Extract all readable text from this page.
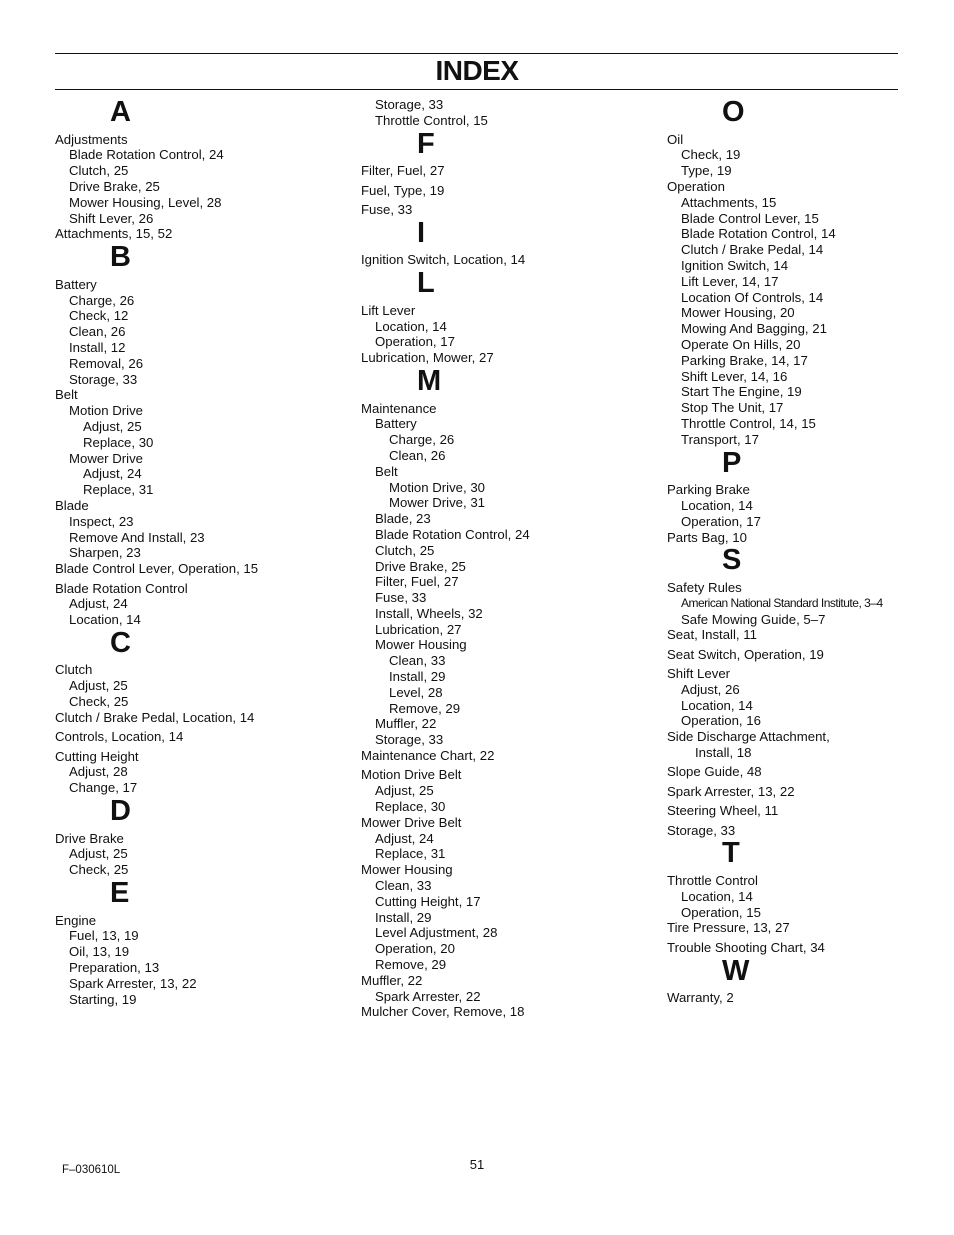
INDEX
A
Adjustments
Blade Rotation Control, 24
Clutch, 25
Drive Brake, 25
Mower Housing, Level, 28
Shift Lever, 26
Attachments, 15, 52
B
Battery
Charge, 26
Check, 12
Clean, 26
Install, 12
Removal, 26
Storage, 33
Belt
Motion Drive
Adjust, 25
Replace, 30
Mower Drive
Adjust, 24
Replace, 31
Blade
Inspect, 23
Remove And Install, 23
Sharpen, 23
Blade Control Lever, Operation, 15
Blade Rotation Control
Adjust, 24
Location, 14
C
Clutch
Adjust, 25
Check, 25
Clutch / Brake Pedal, Location, 14
Controls, Location, 14
Cutting Height
Adjust, 28
Change, 17
D
Drive Brake
Adjust, 25
Check, 25
E
Engine
Fuel, 13, 19
Oil, 13, 19
Preparation, 13
Spark Arrester, 13, 22
Starting, 19
Storage, 33
Throttle Control, 15
F
Filter, Fuel, 27
Fuel, Type, 19
Fuse, 33
I
Ignition Switch, Location, 14
L
Lift Lever
Location, 14
Operation, 17
Lubrication, Mower, 27
M
Maintenance
Battery
Charge, 26
Clean, 26
Belt
Motion Drive, 30
Mower Drive, 31
Blade, 23
Blade Rotation Control, 24
Clutch, 25
Drive Brake, 25
Filter, Fuel, 27
Fuse, 33
Install, Wheels, 32
Lubrication, 27
Mower Housing
Clean, 33
Install, 29
Level, 28
Remove, 29
Muffler, 22
Storage, 33
Maintenance Chart, 22
Motion Drive Belt
Adjust, 25
Replace, 30
Mower Drive Belt
Adjust, 24
Replace, 31
Mower Housing
Clean, 33
Cutting Height, 17
Install, 29
Level Adjustment, 28
Operation, 20
Remove, 29
Muffler, 22
Spark Arrester, 22
Mulcher Cover, Remove, 18
O
Oil
Check, 19
Type, 19
Operation
Attachments, 15
Blade Control Lever, 15
Blade Rotation Control, 14
Clutch / Brake Pedal, 14
Ignition Switch, 14
Lift Lever, 14, 17
Location Of Controls, 14
Mower Housing, 20
Mowing And Bagging, 21
Operate On Hills, 20
Parking Brake, 14, 17
Shift Lever, 14, 16
Start The Engine, 19
Stop The Unit, 17
Throttle Control, 14, 15
Transport, 17
P
Parking Brake
Location, 14
Operation, 17
Parts Bag, 10
S
Safety Rules
American National Standard Institute, 3–4
Safe Mowing Guide, 5–7
Seat, Install, 11
Seat Switch, Operation, 19
Shift Lever
Adjust, 26
Location, 14
Operation, 16
Side Discharge Attachment,
Install, 18
Slope Guide, 48
Spark Arrester, 13, 22
Steering Wheel, 11
Storage, 33
T
Throttle Control
Location, 14
Operation, 15
Tire Pressure, 13, 27
Trouble Shooting Chart, 34
W
Warranty, 2
F–030610L	51
